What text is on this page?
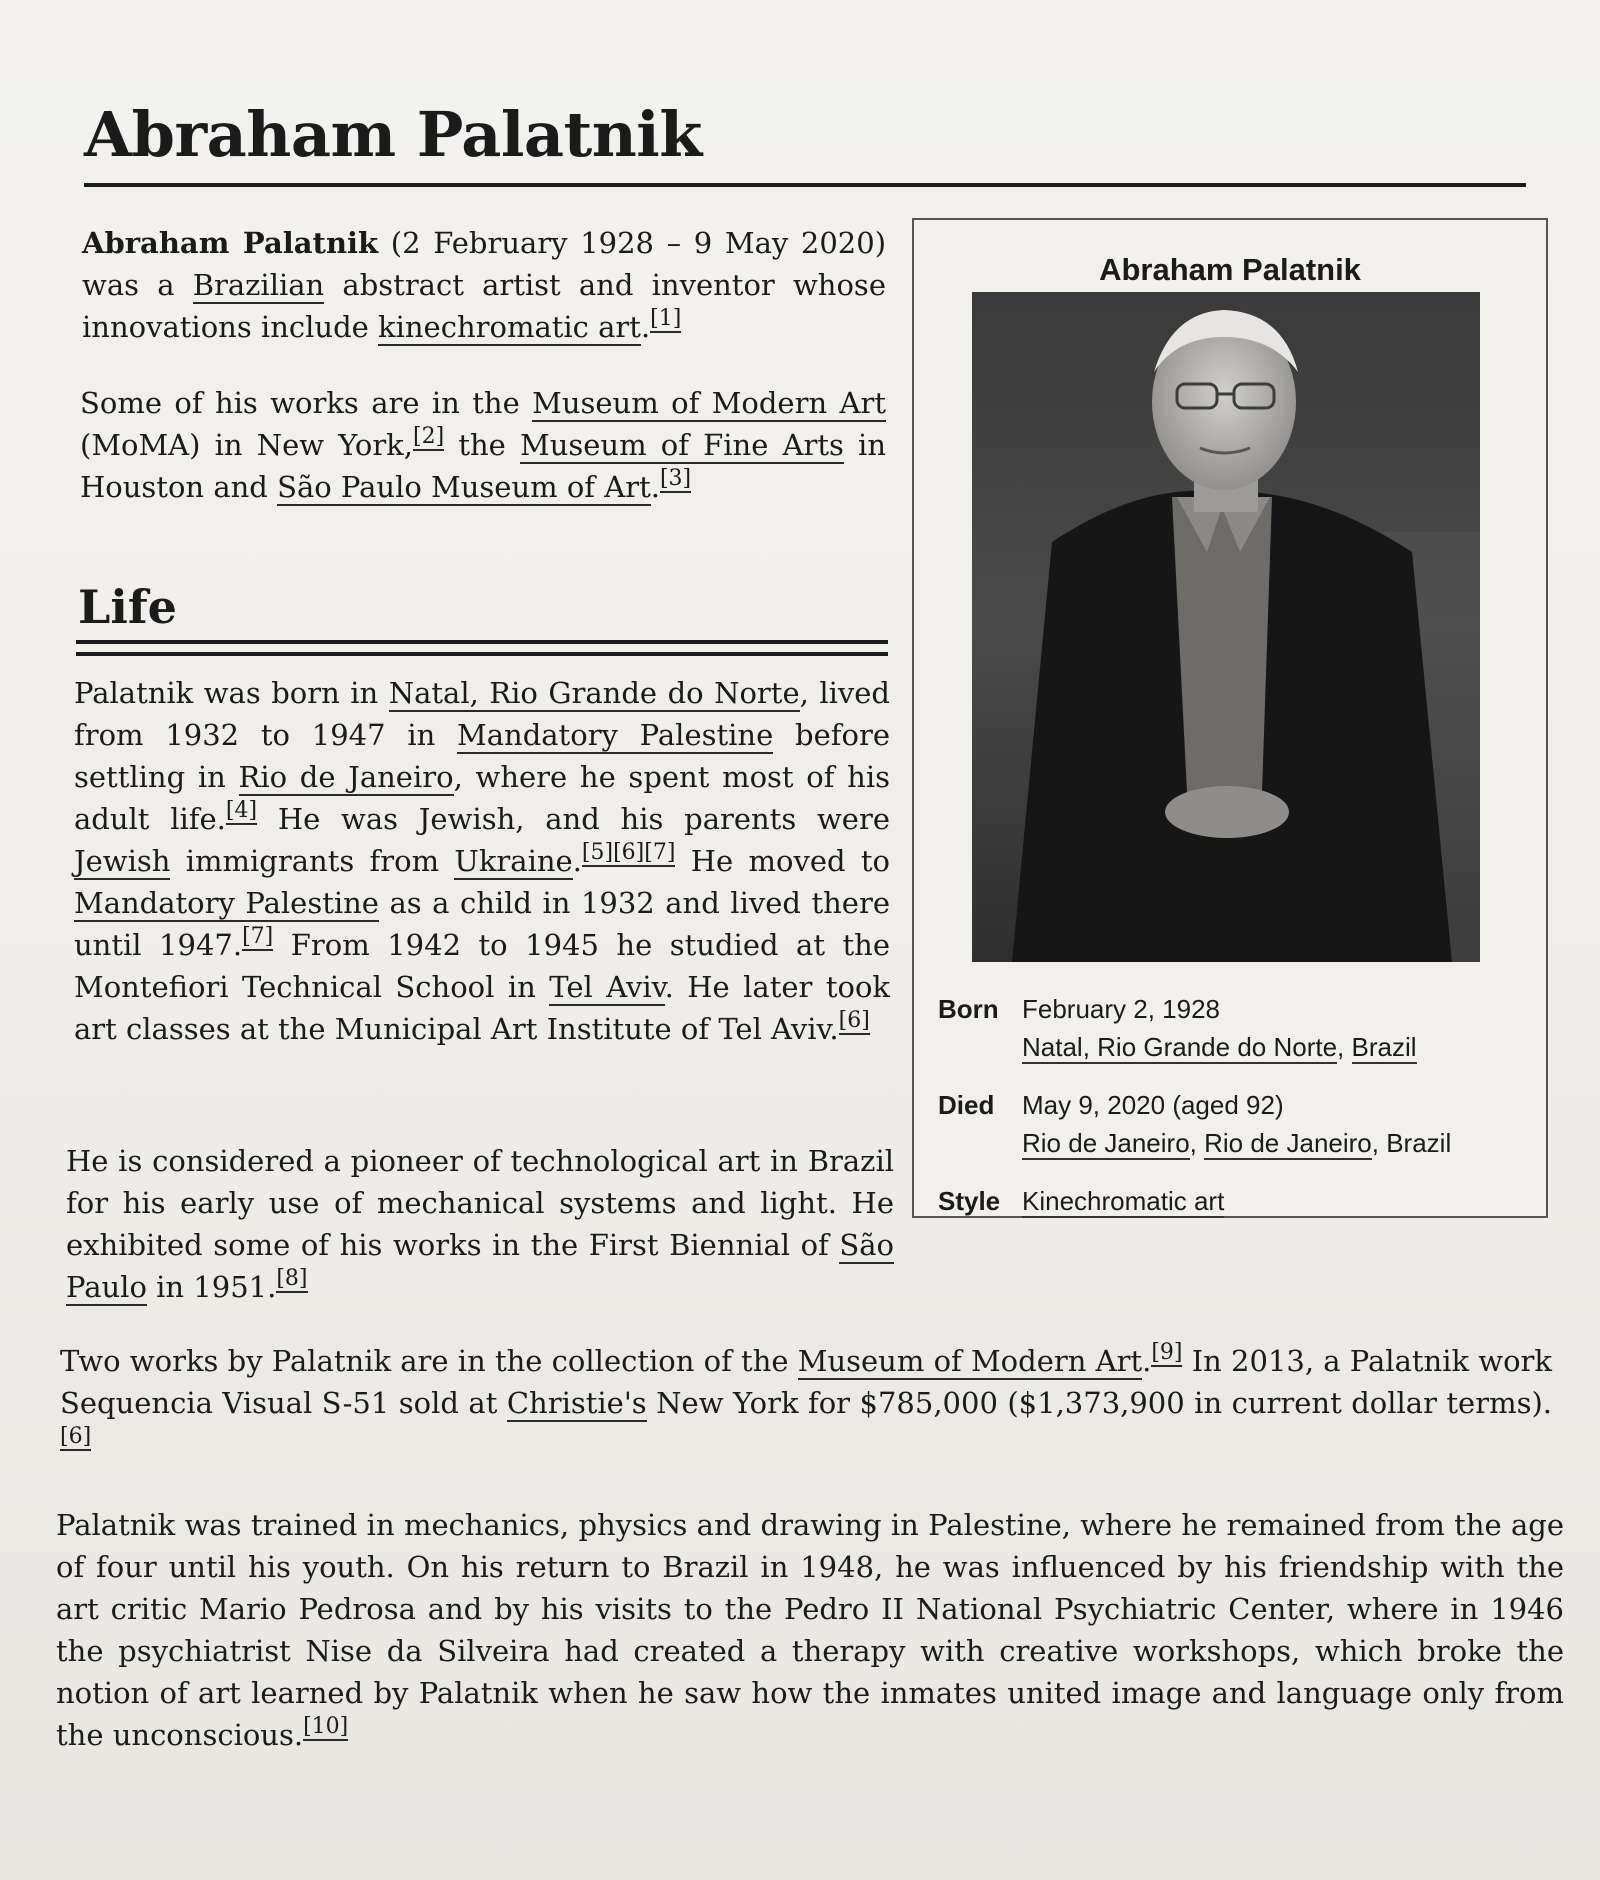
Abraham Palatnik
Abraham Palatnik (2 February 1928 – 9 May 2020) was a Brazilian abstract artist and inventor whose innovations include kinechromatic art.[1]
Some of his works are in the Museum of Modern Art (MoMA) in New York,[2] the Museum of Fine Arts in Houston and São Paulo Museum of Art.[3]
Life
Palatnik was born in Natal, Rio Grande do Norte, lived from 1932 to 1947 in Mandatory Palestine before settling in Rio de Janeiro, where he spent most of his adult life.[4] He was Jewish, and his parents were Jewish immigrants from Ukraine.[5][6][7] He moved to Mandatory Palestine as a child in 1932 and lived there until 1947.[7] From 1942 to 1945 he studied at the Montefiori Technical School in Tel Aviv. He later took art classes at the Municipal Art Institute of Tel Aviv.[6]
He is considered a pioneer of technological art in Brazil for his early use of mechanical systems and light. He exhibited some of his works in the First Biennial of São Paulo in 1951.[8]
Two works by Palatnik are in the collection of the Museum of Modern Art.[9] In 2013, a Palatnik work Sequencia Visual S-51 sold at Christie's New York for $785,000 ($1,373,900 in current dollar terms).[6]
Palatnik was trained in mechanics, physics and drawing in Palestine, where he remained from the age of four until his youth. On his return to Brazil in 1948, he was influenced by his friendship with the art critic Mario Pedrosa and by his visits to the Pedro II National Psychiatric Center, where in 1946 the psychiatrist Nise da Silveira had created a therapy with creative workshops, which broke the notion of art learned by Palatnik when he saw how the inmates united image and language only from the unconscious.[10]
Abraham Palatnik
Born February 2, 1928
Natal, Rio Grande do Norte, Brazil
Died	May 9, 2020 (aged 92)
Rio de Janeiro, Rio de Janeiro, Brazil
Style Kinechromatic art
